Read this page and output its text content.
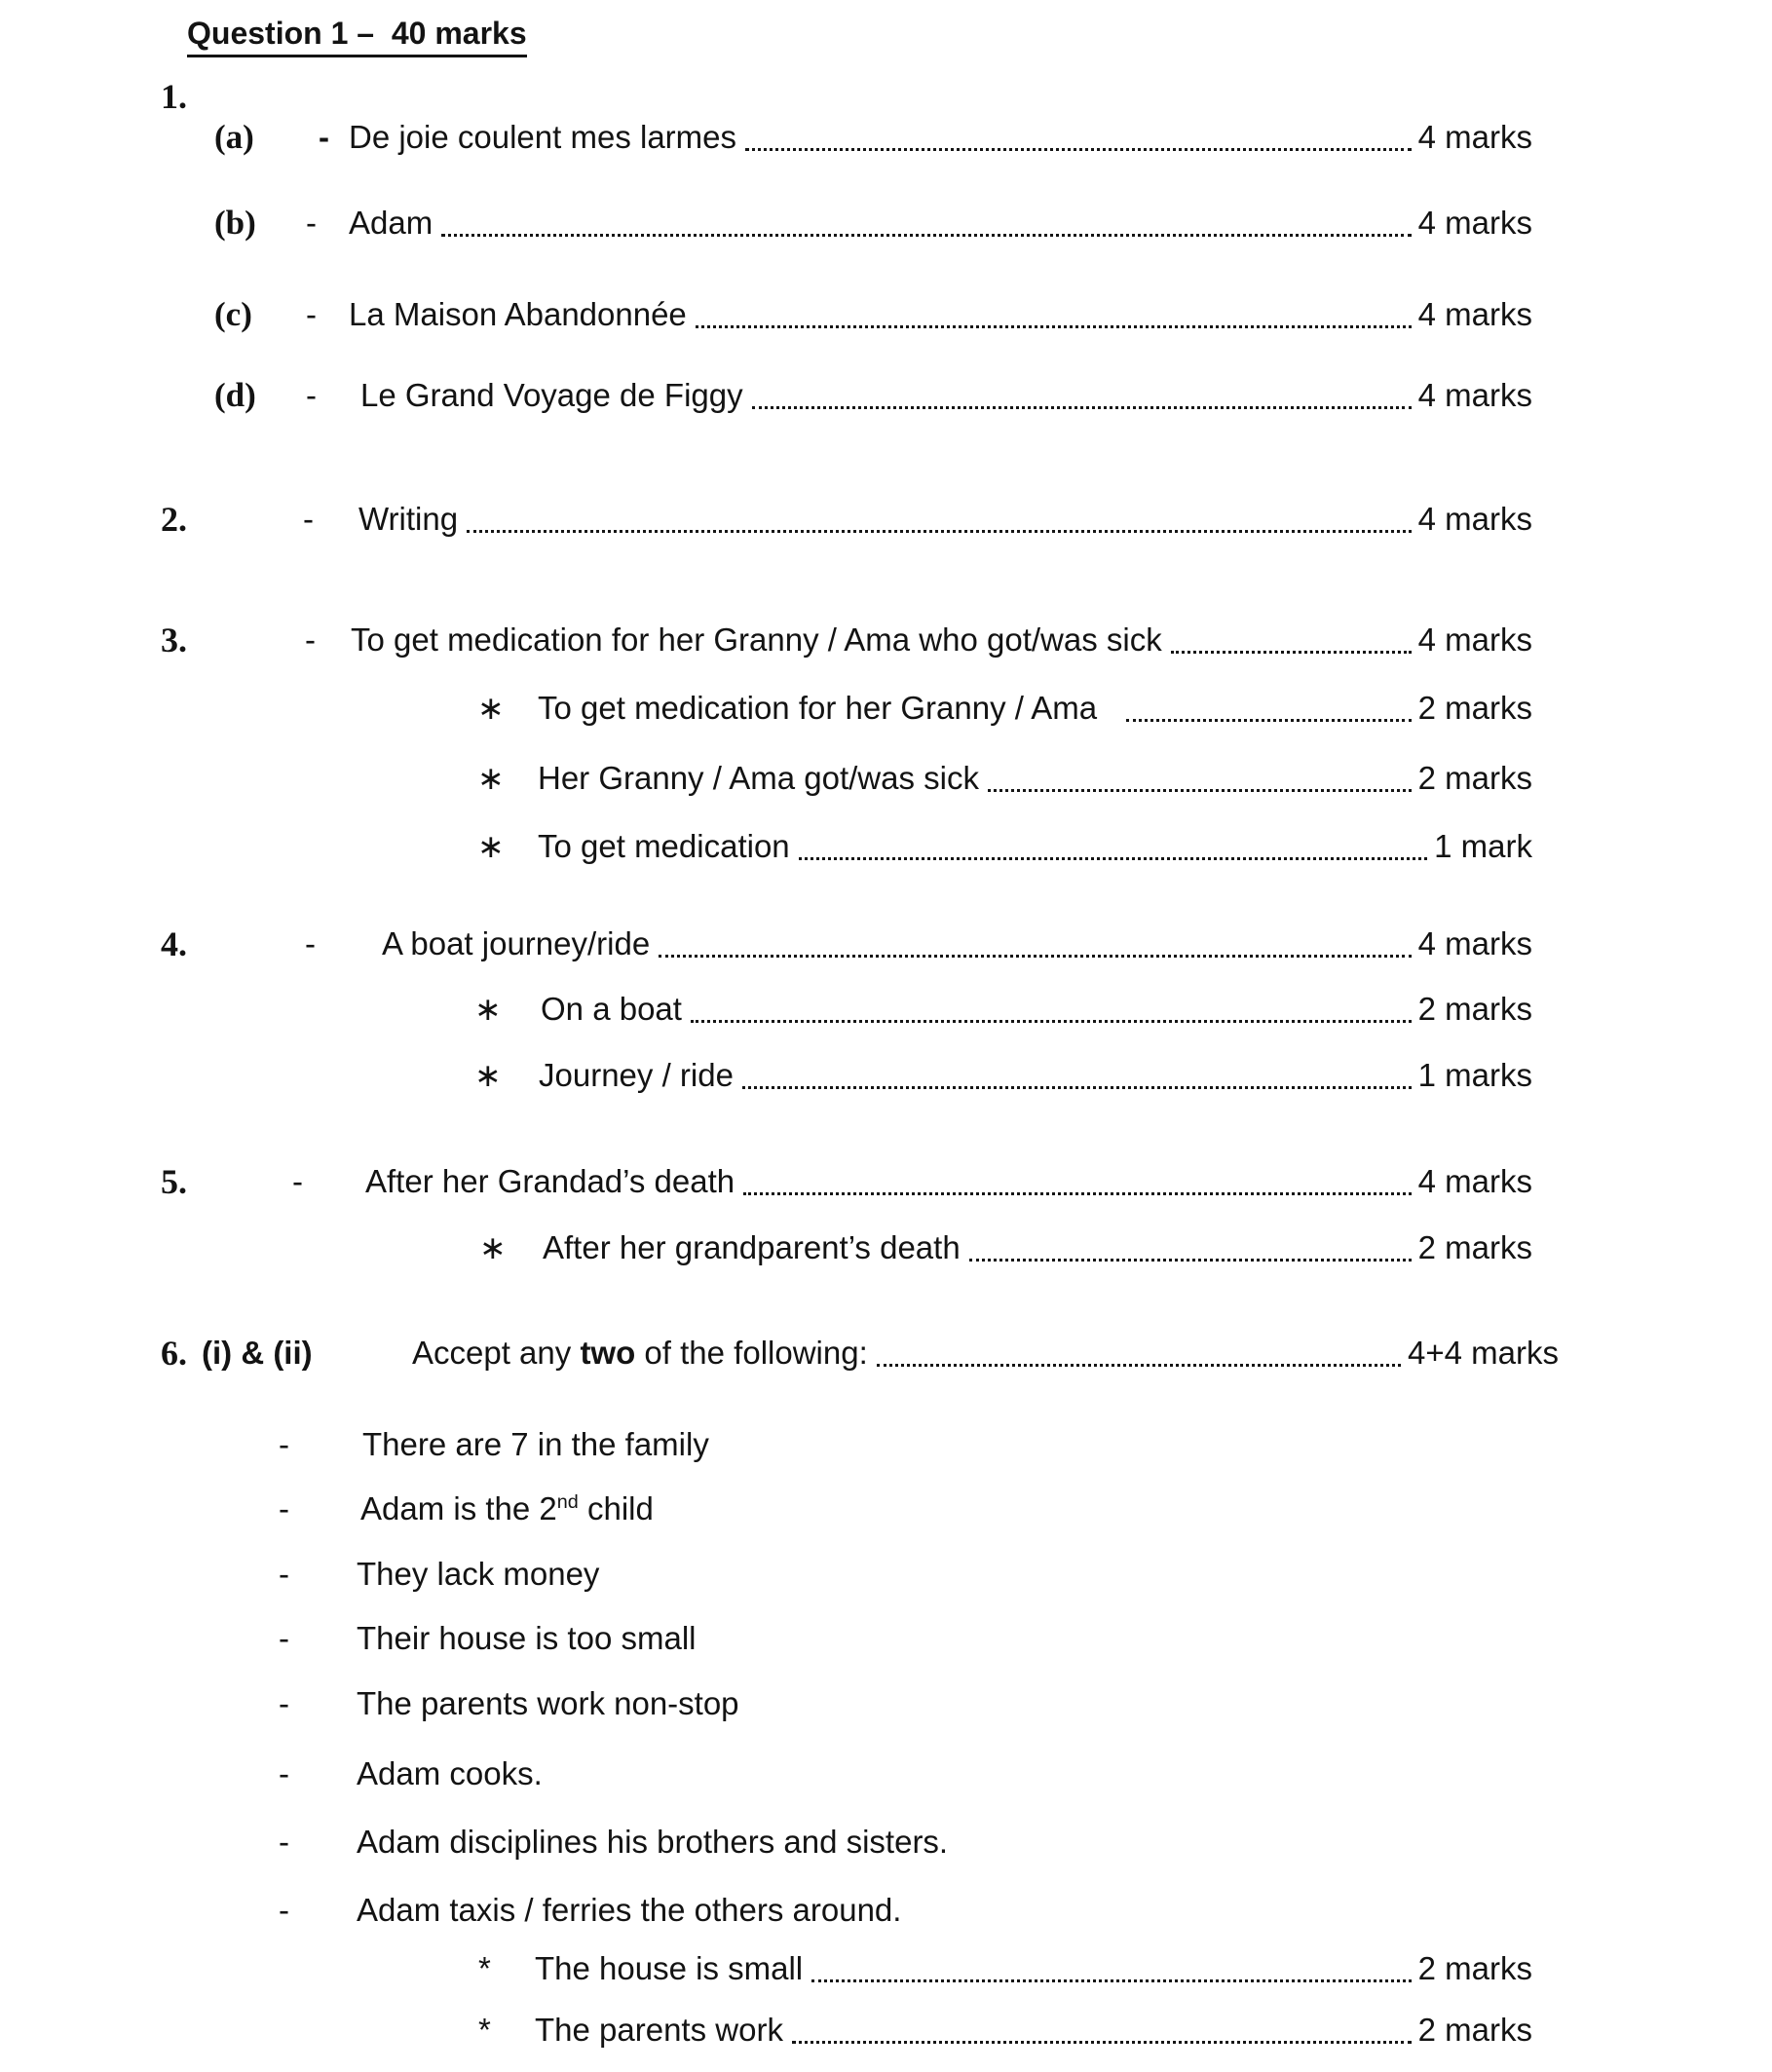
Question 1 –  40 marks
1.
(a) - De joie coulent mes larmes	4 marks
(b) - Adam	4 marks
(c) - La Maison Abandonnée	4 marks
(d) - Le Grand Voyage de Figgy	4 marks
2.	- Writing	4 marks
3.	- To get medication for her Granny / Ama who got/was sick	4 marks
∗ To get medication for her Granny / Ama	2 marks
∗ Her Granny / Ama got/was sick	2 marks
∗ To get medication	1 mark
4.	- A boat journey/ride	4 marks
∗ On a boat	2 marks
∗ Journey / ride	1 marks
5.	- After her Grandad’s death	4 marks
∗ After her grandparent’s death	2 marks
6. (i) & (ii)	Accept any two of the following:	4+4 marks
- There are 7 in the family
- Adam is the 2nd child
- They lack money
- Their house is too small
- The parents work non-stop
- Adam cooks.
- Adam disciplines his brothers and sisters.
- Adam taxis / ferries the others around.
* The house is small	2 marks
* The parents work	2 marks
